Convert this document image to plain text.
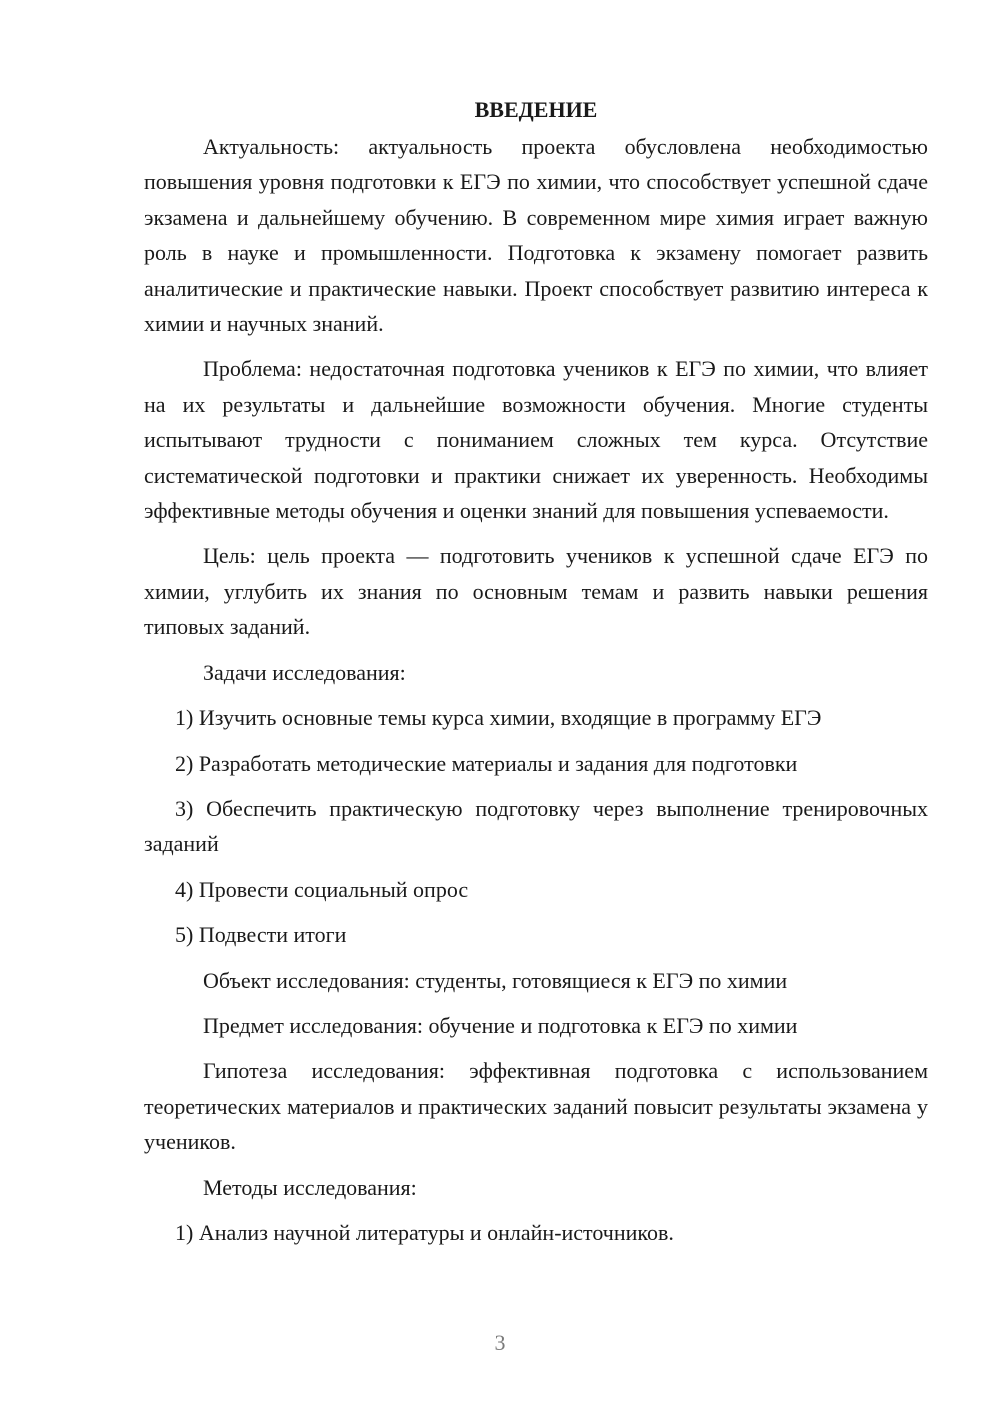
ВВЕДЕНИЕ

Актуальность: актуальность проекта обусловлена необходимостью повышения уровня подготовки к ЕГЭ по химии, что способствует успешной сдаче экзамена и дальнейшему обучению. В современном мире химия играет важную роль в науке и промышленности. Подготовка к экзамену помогает развить аналитические и практические навыки. Проект способствует развитию интереса к химии и научных знаний.

Проблема: недостаточная подготовка учеников к ЕГЭ по химии, что влияет на их результаты и дальнейшие возможности обучения. Многие студенты испытывают трудности с пониманием сложных тем курса. Отсутствие систематической подготовки и практики снижает их уверенность. Необходимы эффективные методы обучения и оценки знаний для повышения успеваемости.

Цель: цель проекта — подготовить учеников к успешной сдаче ЕГЭ по химии, углубить их знания по основным темам и развить навыки решения типовых заданий.

Задачи исследования:

1) Изучить основные темы курса химии, входящие в программу ЕГЭ

2) Разработать методические материалы и задания для подготовки

3) Обеспечить практическую подготовку через выполнение тренировочных заданий

4) Провести социальный опрос

5) Подвести итоги

Объект исследования: студенты, готовящиеся к ЕГЭ по химии

Предмет исследования: обучение и подготовка к ЕГЭ по химии

Гипотеза исследования: эффективная подготовка с использованием теоретических материалов и практических заданий повысит результаты экзамена у учеников.

Методы исследования:

1) Анализ научной литературы и онлайн-источников.

3
